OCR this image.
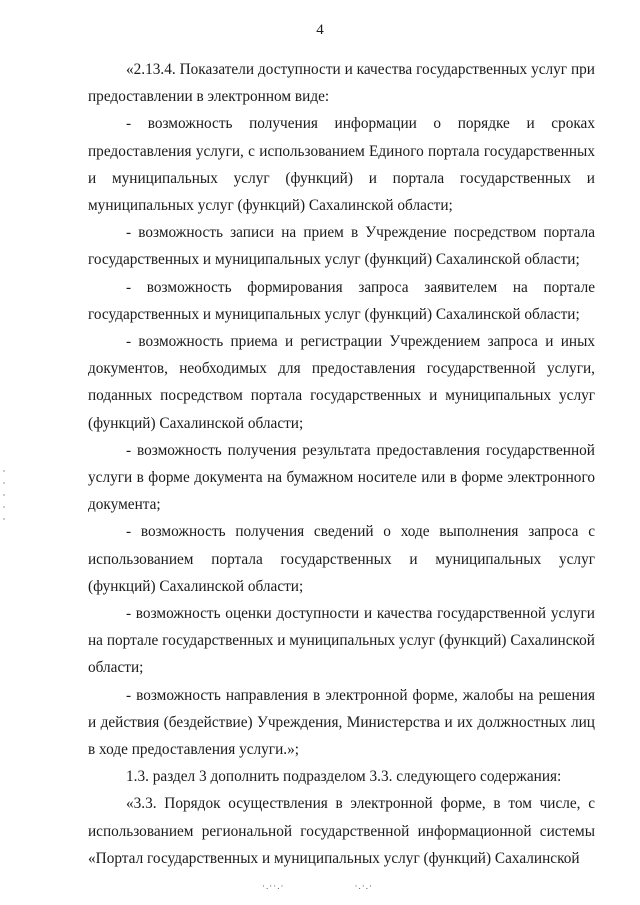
4

«2.13.4. Показатели доступности и качества государственных услуг при предоставлении в электронном виде:

- возможность получения информации о порядке и сроках предоставления услуги, с использованием Единого портала государственных и муниципальных услуг (функций) и портала государственных и муниципальных услуг (функций) Сахалинской области;

- возможность записи на прием в Учреждение посредством портала государственных и муниципальных услуг (функций) Сахалинской области;

- возможность формирования запроса заявителем на портале государственных и муниципальных услуг (функций) Сахалинской области;

- возможность приема и регистрации Учреждением запроса и иных документов, необходимых для предоставления государственной услуги, поданных посредством портала государственных и муниципальных услуг (функций) Сахалинской области;

- возможность получения результата предоставления государственной услуги в форме документа на бумажном носителе или в форме электронного документа;

- возможность получения сведений о ходе выполнения запроса с использованием портала государственных и муниципальных услуг (функций) Сахалинской области;

- возможность оценки доступности и качества государственной услуги на портале государственных и муниципальных услуг (функций) Сахалинской области;

- возможность направления в электронной форме, жалобы на решения и действия (бездействие) Учреждения, Министерства и их должностных лиц в ходе предоставления услуги.»;

1.3. раздел 3 дополнить подразделом 3.3. следующего содержания:

«3.3. Порядок осуществления в электронной форме, в том числе, с использованием региональной государственной информационной системы «Портал государственных и муниципальных услуг (функций) Сахалинской

·.··.·	·.·.·
